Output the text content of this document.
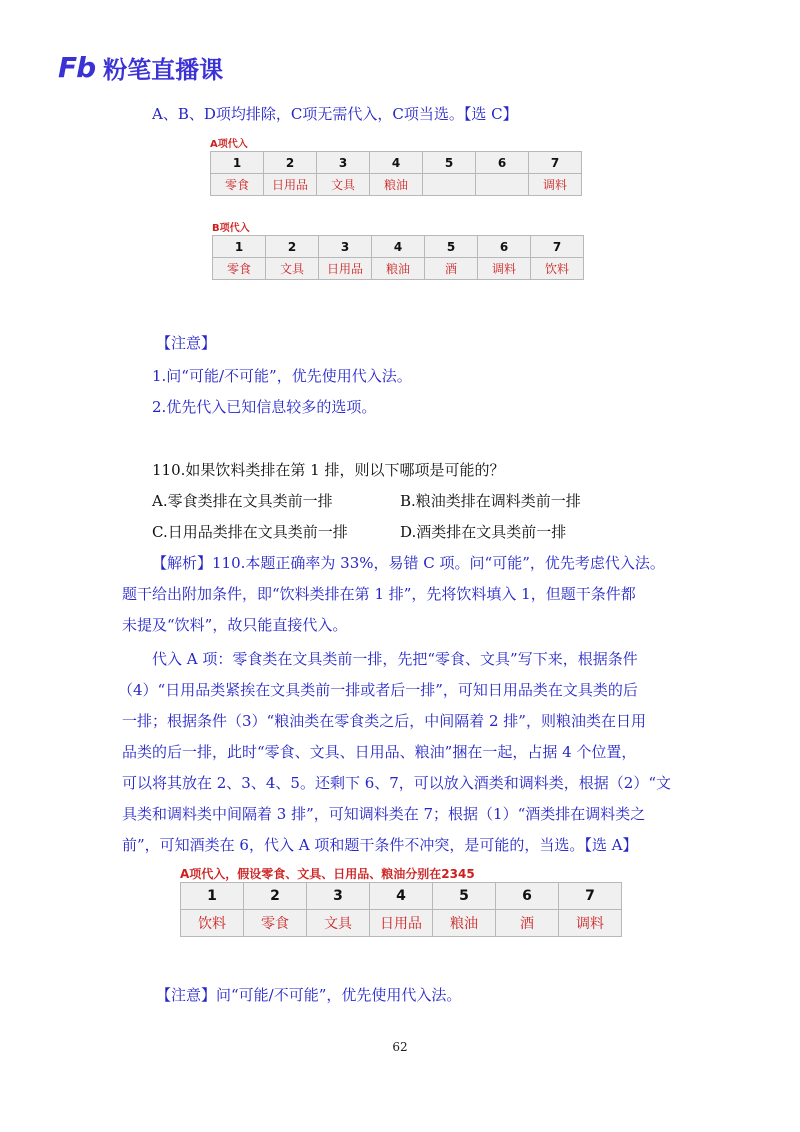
Fb 粉笔直播课
A、B、D项均排除，C项无需代入，C项当选。【选 C】
A项代入
1	2	3	4	5	6	7
零食	日用品	文具	粮油			调料
B项代入
1	2	3	4	5	6	7
零食	文具	日用品	粮油	酒	调料	饮料
【注意】
1.问“可能/不可能”，优先使用代入法。
2.优先代入已知信息较多的选项。
110.如果饮料类排在第 1 排，则以下哪项是可能的？
A.零食类排在文具类前一排	B.粮油类排在调料类前一排
C.日用品类排在文具类前一排	D.酒类排在文具类前一排
【解析】110.本题正确率为 33%，易错 C 项。问“可能”，优先考虑代入法。
题干给出附加条件，即“饮料类排在第 1 排”，先将饮料填入 1，但题干条件都
未提及“饮料”，故只能直接代入。
代入 A 项：零食类在文具类前一排，先把“零食、文具”写下来，根据条件
（4）“日用品类紧挨在文具类前一排或者后一排”，可知日用品类在文具类的后
一排；根据条件（3）“粮油类在零食类之后，中间隔着 2 排”，则粮油类在日用
品类的后一排，此时“零食、文具、日用品、粮油”捆在一起，占据 4 个位置，
可以将其放在 2、3、4、5。还剩下 6、7，可以放入酒类和调料类，根据（2）“文
具类和调料类中间隔着 3 排”，可知调料类在 7；根据（1）“酒类排在调料类之
前”，可知酒类在 6，代入 A 项和题干条件不冲突，是可能的，当选。【选 A】
A项代入，假设零食、文具、日用品、粮油分别在2345
1	2	3	4	5	6	7
饮料	零食	文具	日用品	粮油	酒	调料
【注意】问“可能/不可能”，优先使用代入法。
62
